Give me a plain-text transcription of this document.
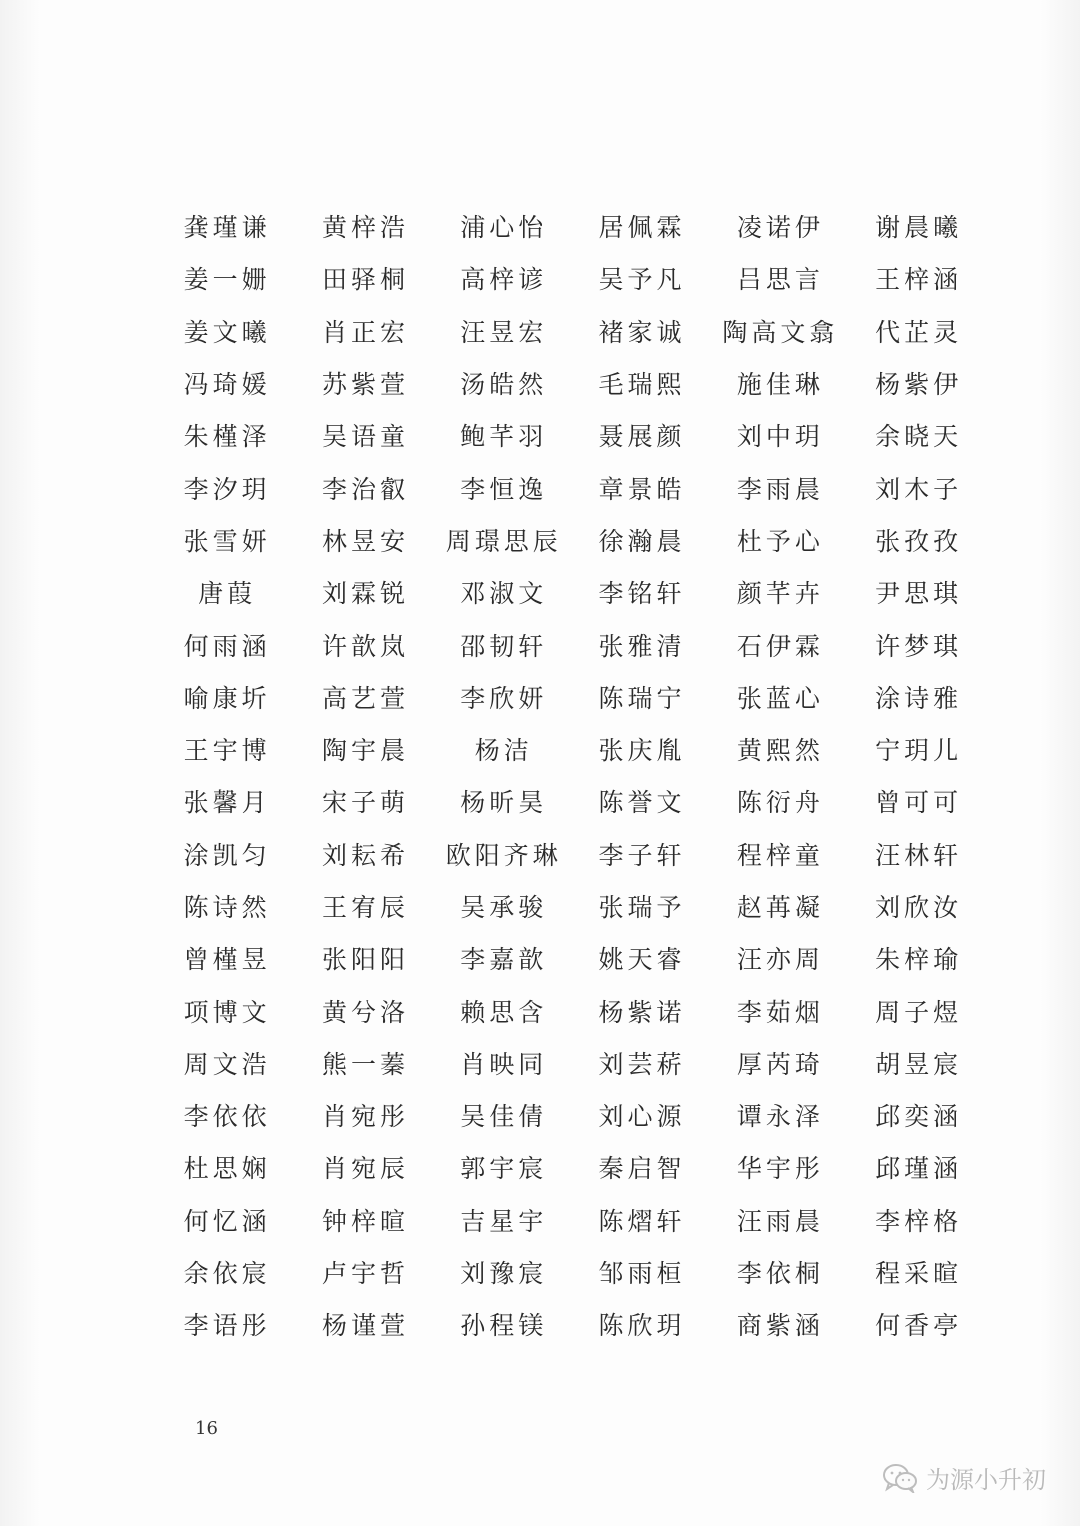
龚瑾谦	黄梓浩	浦心怡	居佩霖	凌诺伊	谢晨曦
姜一姗	田驿桐	高梓谚	吴予凡	吕思言	王梓涵
姜文曦	肖正宏	汪昱宏	褚家诚	陶高文翕	代芷灵
冯琦媛	苏紫萱	汤皓然	毛瑞熙	施佳琳	杨紫伊
朱槿泽	吴语童	鲍芊羽	聂展颜	刘中玥	余晓天
李汐玥	李治叡	李恒逸	章景皓	李雨晨	刘木子
张雪妍	林昱安	周璟思辰	徐瀚晨	杜予心	张孜孜
唐葭	刘霖锐	邓淑文	李铭轩	颜芊卉	尹思琪
何雨涵	许歆岚	邵韧轩	张雅清	石伊霖	许梦琪
喻康圻	高艺萱	李欣妍	陈瑞宁	张蓝心	涂诗雅
王宇博	陶宇晨	杨洁	张庆胤	黄熙然	宁玥儿
张馨月	宋子萌	杨昕昊	陈誉文	陈衍舟	曾可可
涂凯匀	刘耘希	欧阳齐琳	李子轩	程梓童	汪林轩
陈诗然	王宥辰	吴承骏	张瑞予	赵苒凝	刘欣汝
曾槿昱	张阳阳	李嘉歆	姚天睿	汪亦周	朱梓瑜
项博文	黄兮洛	赖思含	杨紫诺	李茹烟	周子煜
周文浩	熊一蓁	肖映同	刘芸菥	厚芮琦	胡昱宸
李依依	肖宛彤	吴佳倩	刘心源	谭永泽	邱奕涵
杜思娴	肖宛辰	郭宇宸	秦启智	华宇彤	邱瑾涵
何忆涵	钟梓暄	吉星宇	陈熠轩	汪雨晨	李梓格
余依宸	卢宇哲	刘豫宸	邹雨桓	李依桐	程采暄
李语彤	杨谨萱	孙程镁	陈欣玥	商紫涵	何香亭
16
为源小升初
